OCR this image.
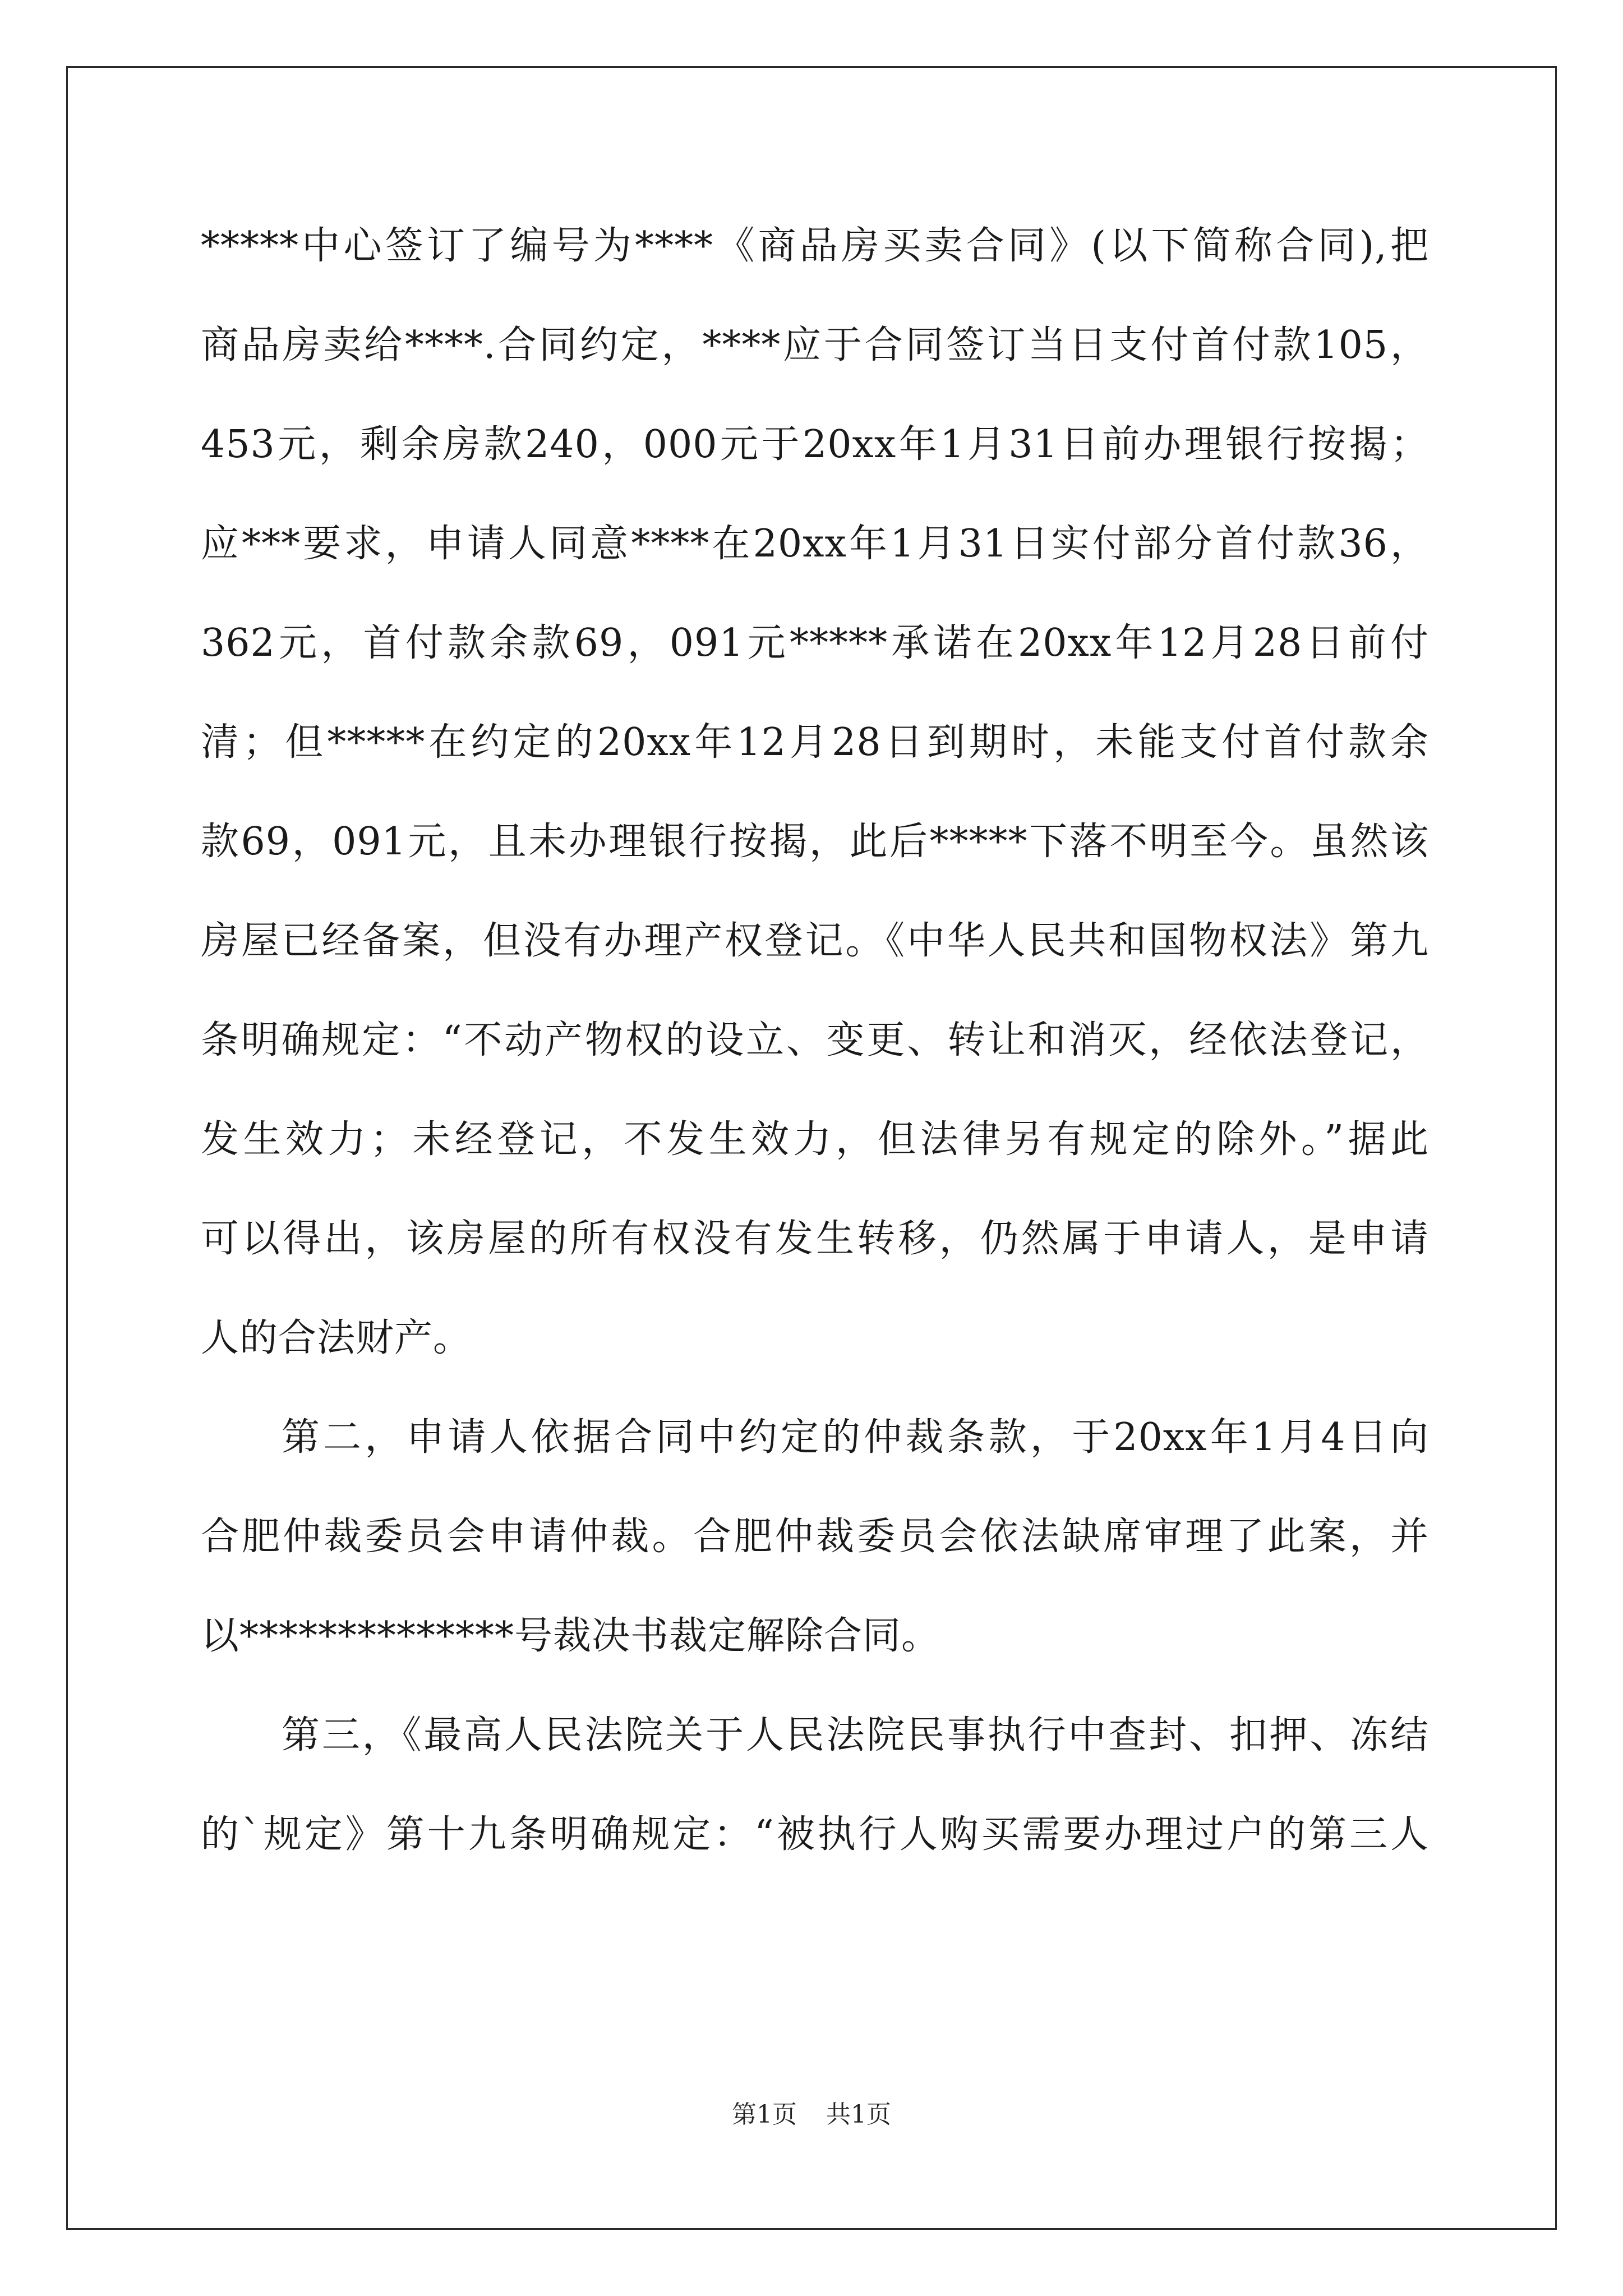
*****中心签订了编号为****《商品房买卖合同》(以下简称合同),把
商品房卖给****.合同约定，****应于合同签订当日支付首付款105，
453元，剩余房款240，000元于20xx年1月31日前办理银行按揭；
应***要求，申请人同意****在20xx年1月31日实付部分首付款36，
362元，首付款余款69，091元*****承诺在20xx年12月28日前付
清；但*****在约定的20xx年12月28日到期时，未能支付首付款余
款69，091元，且未办理银行按揭，此后*****下落不明至今。虽然该
房屋已经备案，但没有办理产权登记。《中华人民共和国物权法》第九
条明确规定：“不动产物权的设立、变更、转让和消灭，经依法登记，
发生效力；未经登记，不发生效力，但法律另有规定的除外。”据此
可以得出，该房屋的所有权没有发生转移，仍然属于申请人，是申请
人的合法财产。
第二，申请人依据合同中约定的仲裁条款，于20xx年1月4日向
合肥仲裁委员会申请仲裁。合肥仲裁委员会依法缺席审理了此案，并
以**************号裁决书裁定解除合同。
第三，《最高人民法院关于人民法院民事执行中查封、扣押、冻结
的`规定》第十九条明确规定：“被执行人购买需要办理过户的第三人
第1页 共1页
